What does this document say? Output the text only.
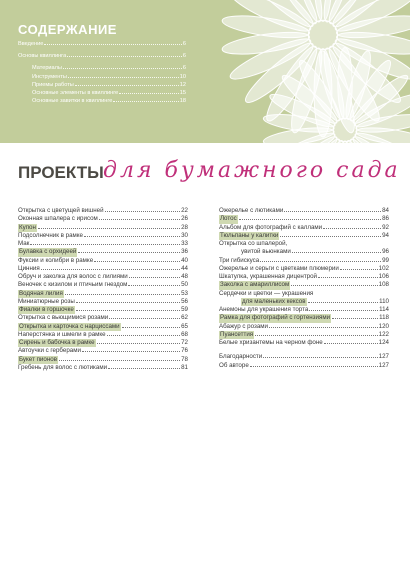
СОДЕРЖАНИЕ
Введение	6
Основы квиллинга	6
Материалы	6
Инструменты	10
Приемы работы	12
Основные элементы в квиллинге	15
Основные завитки в квиллинге	18
ПРОЕКТЫ для бумажного сада
Открытка с цветущей вишней	22
Оконная шпалера с ирисом	26
Купон	28
Подсолнечник в рамке	30
Мак	33
Булавка с орхидеей	36
Фуксии и колибри в рамке	40
Цинния	44
Обруч и заколка для волос с лилиями	48
Веночек с кизилом и птичьим гнездом	50
Водяная лилия	53
Миниатюрные розы	56
Фиалки в горшочке	59
Открытка с вьющимися розами	62
Открытка и карточка с нарциссами	65
Наперстянка и шмели в рамке	68
Сирень и бабочка в рамке	72
Автоучки с герберами	76
Букет пионов	78
Гребень для волос с лютиками	81
Ожерелье с лютиками	84
Лотос	86
Альбом для фотографий с каллами	92
Тюльпаны у калитки	94
Открытка со шпалерой,
увитой вьюнками	96
Три гибискуса	99
Ожерелье и серьги с цветками плюмерии	102
Шкатулка, украшенная дицентрой	106
Заколка с амариллисом	108
Сердечки и цветки — украшения
для маленьких кексов	110
Анемоны для украшения торта	114
Рамка для фотографий с гортензиями	118
Абажур с розами	120
Пуансеттия	122
Белые хризантемы на черном фоне	124
Благодарности	127
Об авторе	127
